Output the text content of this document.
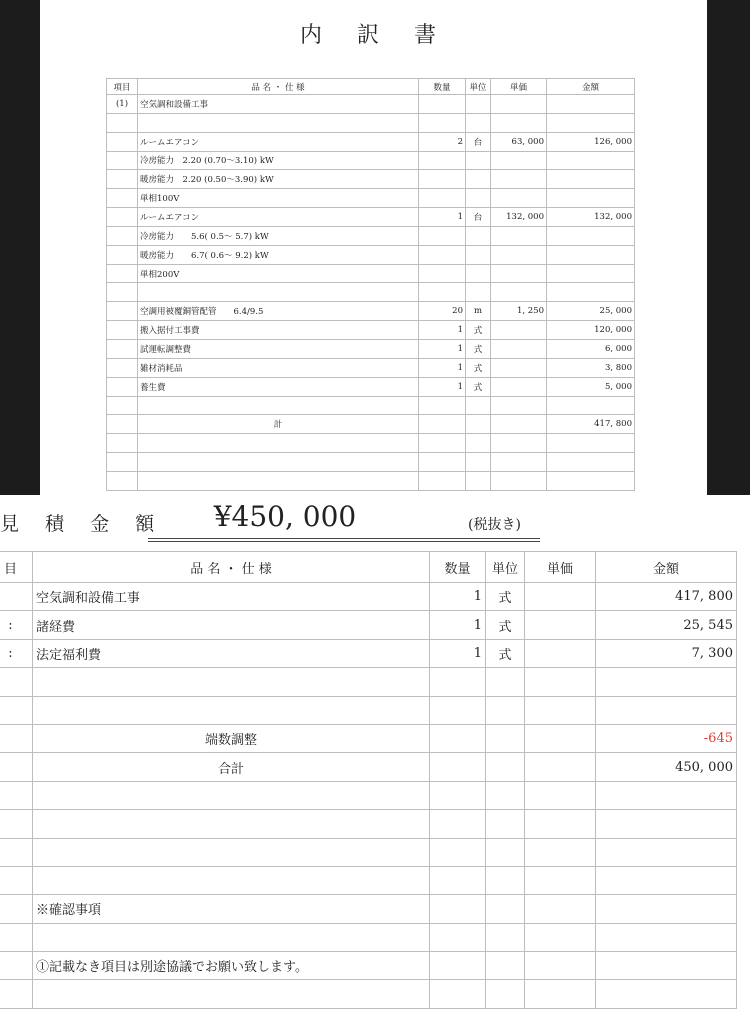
内 訳 書
項目	品 名 ・ 仕 様	数量	単位	単価	金額
(1)	空気調和設備工事				

	ルームエアコン	2	台	63, 000	126, 000
	冷房能力　2.20 (0.70～3.10) kW				
	暖房能力　2.20 (0.50～3.90) kW				
	単相100V				
	ルームエアコン	1	台	132, 000	132, 000
	冷房能力　　5.6( 0.5～ 5.7) kW				
	暖房能力　　6.7( 0.6～ 9.2) kW				
	単相200V				

	空調用被覆銅管配管　　6.4/9.5	20	m	1, 250	25, 000
	搬入据付工事費	1	式		120, 000
	試運転調整費	1	式		6, 000
	雑材消耗品	1	式		3, 800
	養生費	1	式		5, 000

	計				417, 800

見 積 金 額	¥450, 000	(税抜き)
目	品 名 ・ 仕 様	数量	単位	単価	金額
	空気調和設備工事	1	式		417, 800
:	諸経費	1	式		25, 545
:	法定福利費	1	式		7, 300

	端数調整				-645
	合計				450, 000

	※確認事項				

	①記載なき項目は別途協議でお願い致します。				
